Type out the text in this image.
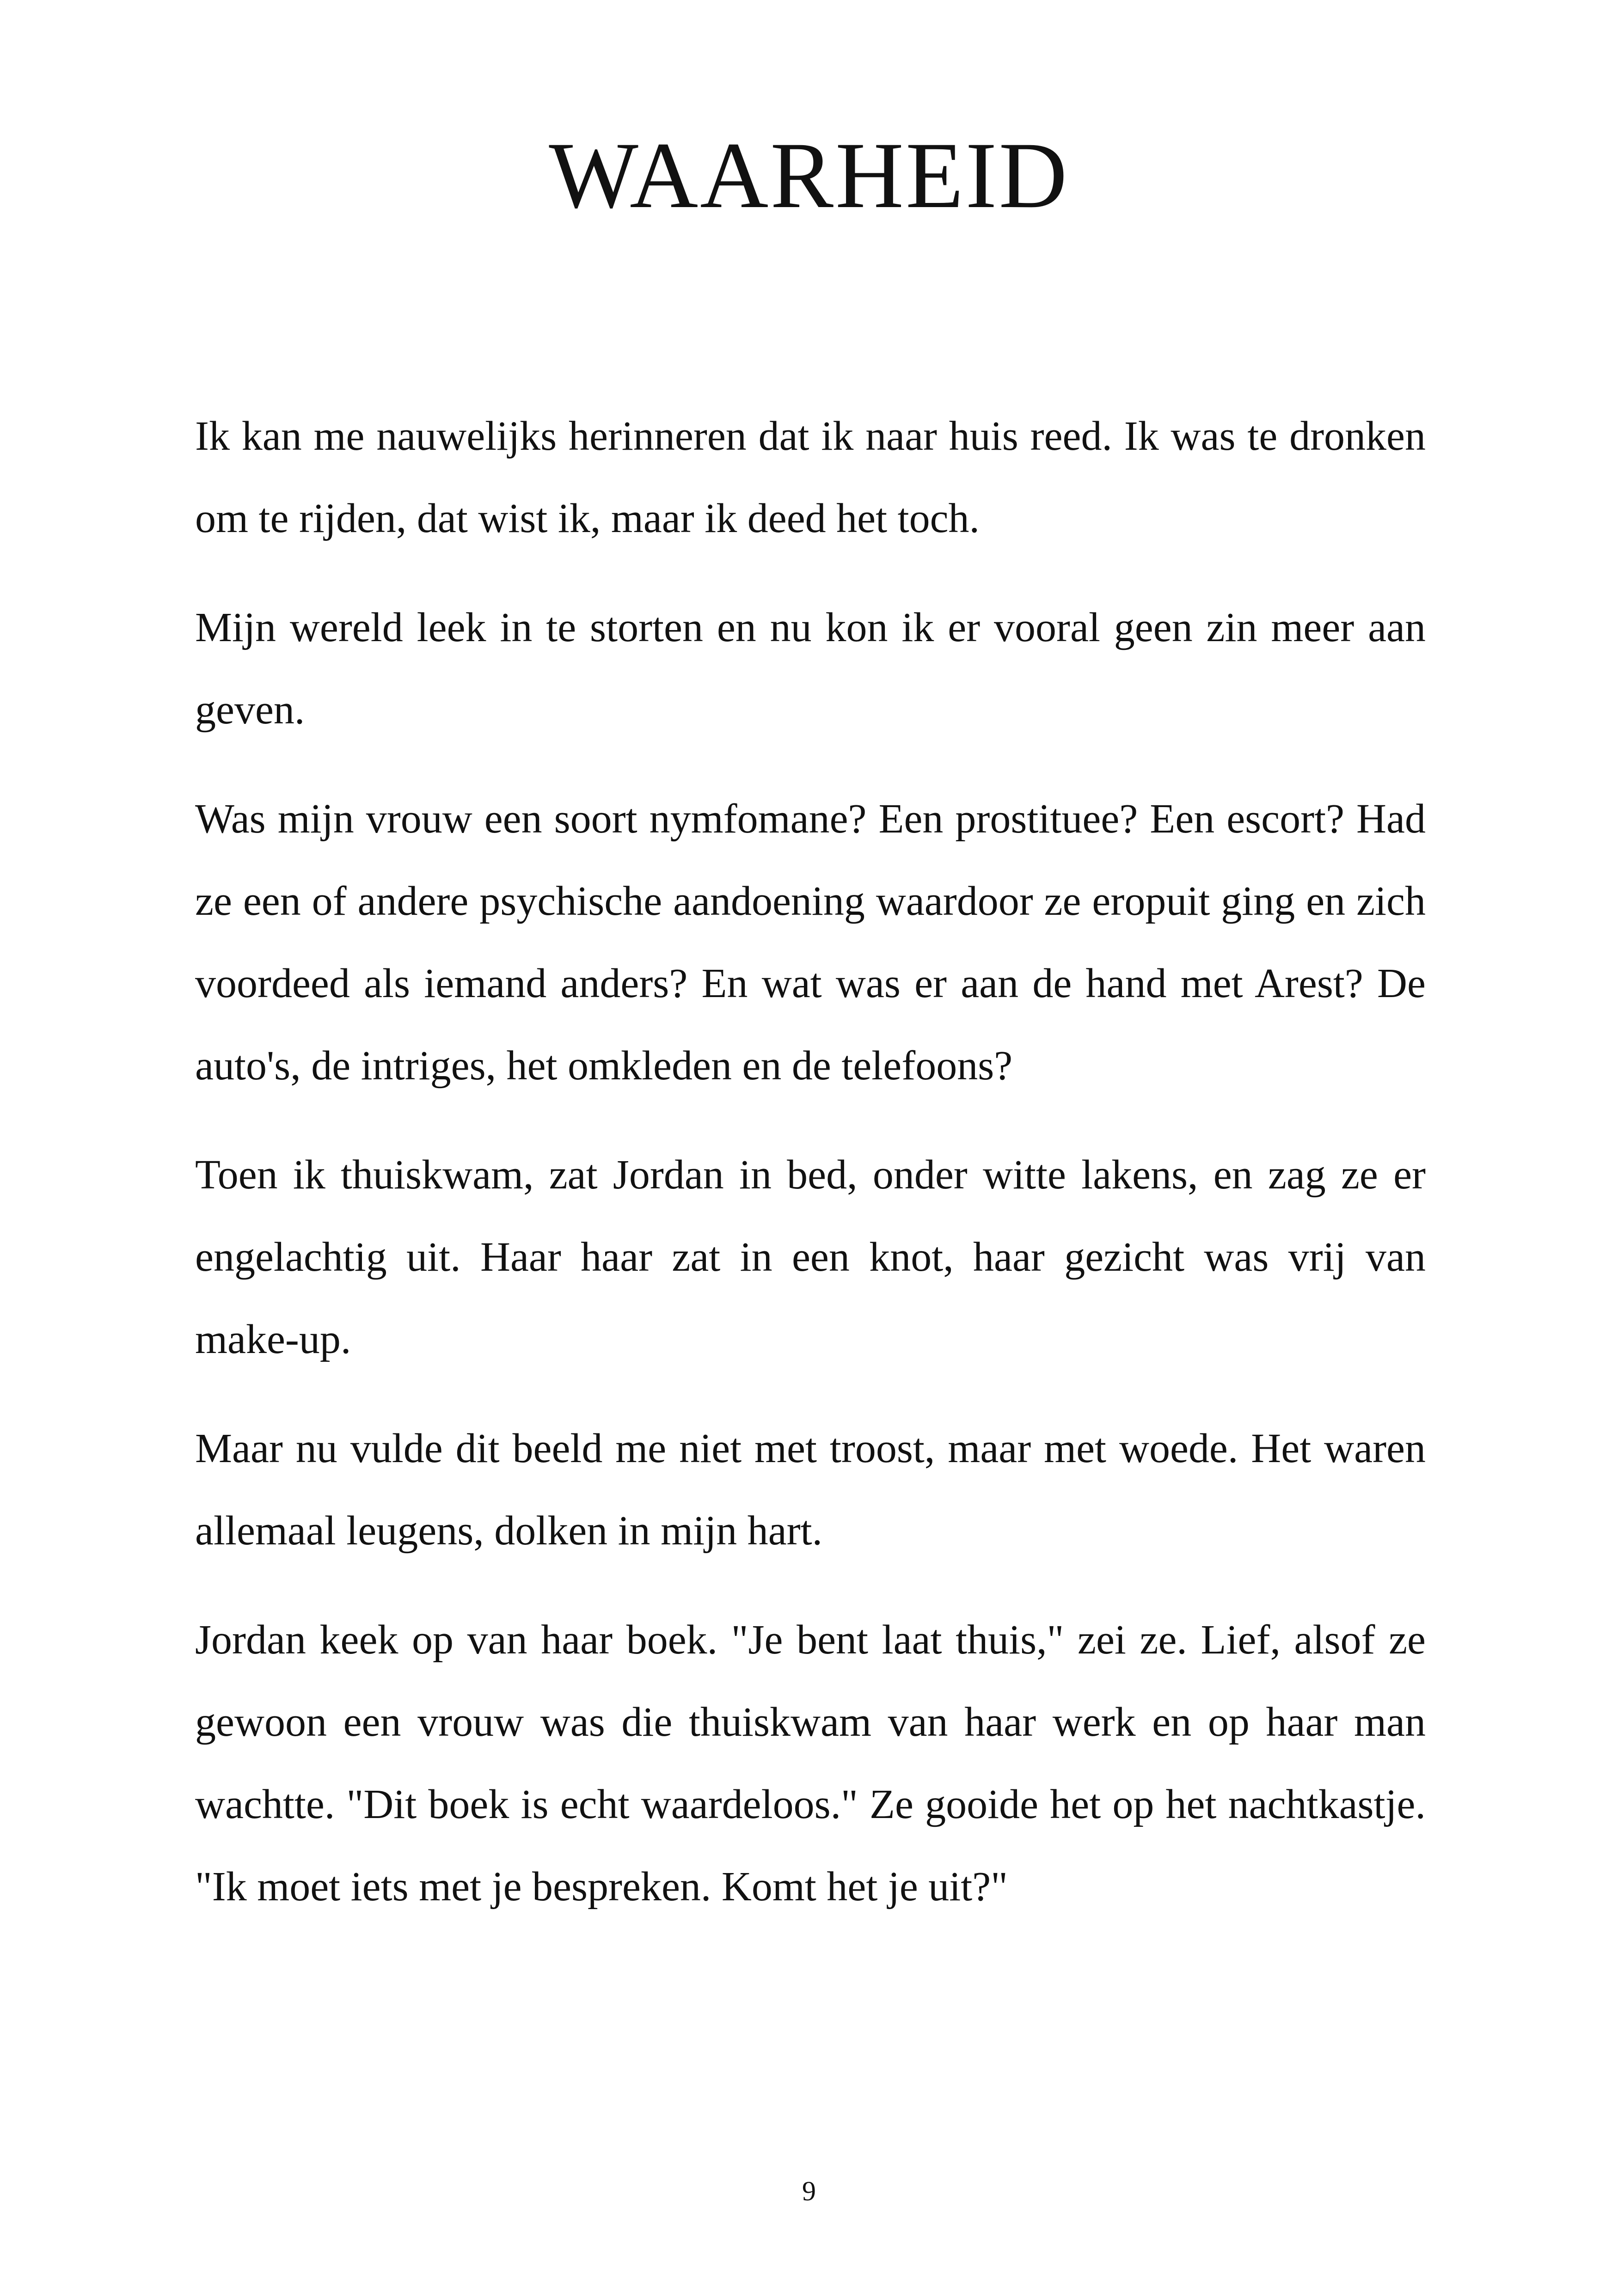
WAARHEID

Ik kan me nauwelijks herinneren dat ik naar huis reed. Ik was te dronken om te rijden, dat wist ik, maar ik deed het toch.

Mijn wereld leek in te storten en nu kon ik er vooral geen zin meer aan geven.

Was mijn vrouw een soort nymfomane? Een prostituee? Een escort? Had ze een of andere psychische aandoening waardoor ze eropuit ging en zich voordeed als iemand anders? En wat was er aan de hand met Arest? De auto's, de intriges, het omkleden en de telefoons?

Toen ik thuiskwam, zat Jordan in bed, onder witte lakens, en zag ze er engelachtig uit. Haar haar zat in een knot, haar gezicht was vrij van make-up.

Maar nu vulde dit beeld me niet met troost, maar met woede. Het waren allemaal leugens, dolken in mijn hart.

Jordan keek op van haar boek. "Je bent laat thuis," zei ze. Lief, alsof ze gewoon een vrouw was die thuiskwam van haar werk en op haar man wachtte. "Dit boek is echt waardeloos." Ze gooide het op het nachtkastje. "Ik moet iets met je bespreken. Komt het je uit?"

9
